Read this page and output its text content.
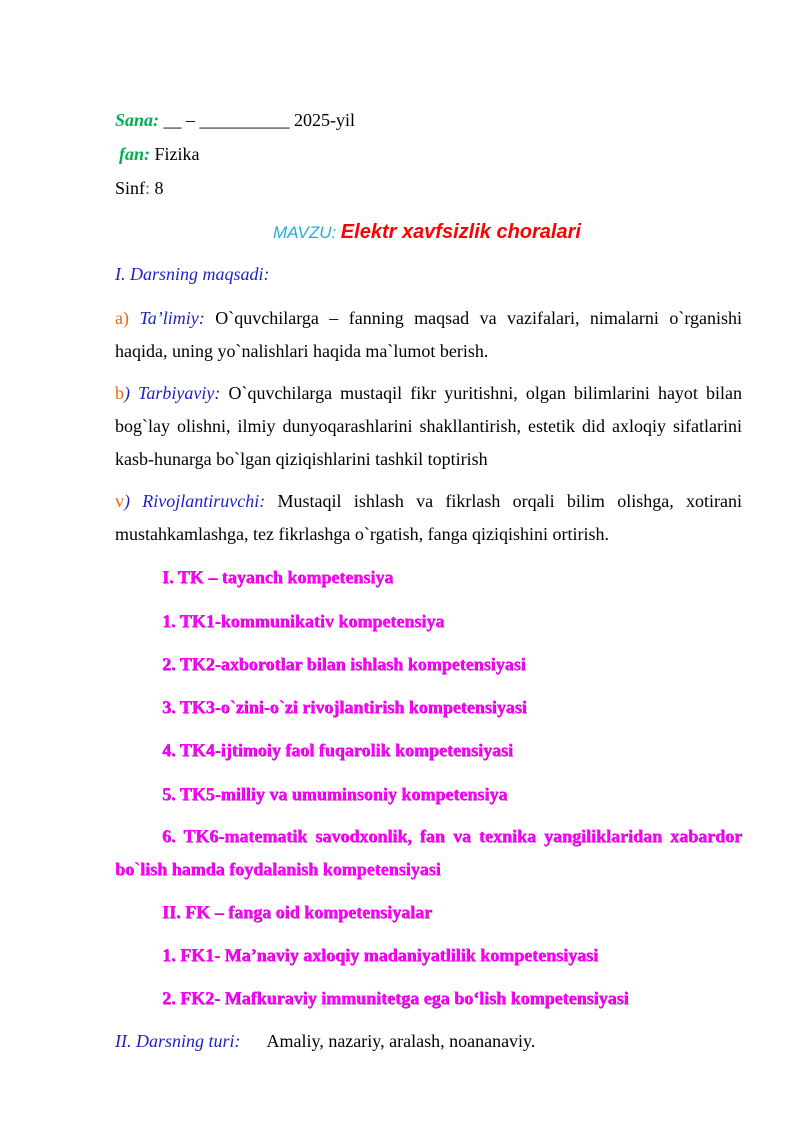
Sana: __ – __________ 2025-yil
fan: Fizika
Sinf: 8
MAVZU: Elektr xavfsizlik choralari
I. Darsning maqsadi:
a) Ta’limiy: O`quvchilarga – fanning maqsad va vazifalari, nimalarni o`rganishi haqida, uning yo`nalishlari haqida ma`lumot berish.
b) Tarbiyaviy: O`quvchilarga mustaqil fikr yuritishni, olgan bilimlarini hayot bilan bog`lay olishni, ilmiy dunyoqarashlarini shakllantirish, estetik did axloqiy sifatlarini kasb-hunarga bo`lgan qiziqishlarini tashkil toptirish
v) Rivojlantiruvchi: Mustaqil ishlash va fikrlash orqali bilim olishga, xotirani mustahkamlashga, tez fikrlashga o`rgatish, fanga qiziqishini ortirish.
I. TK – tayanch kompetensiya
1. TK1-kommunikativ kompetensiya
2. TK2-axborotlar bilan ishlash kompetensiyasi
3. TK3-o`zini-o`zi rivojlantirish kompetensiyasi
4. TK4-ijtimoiy faol fuqarolik kompetensiyasi
5. TK5-milliy va umuminsoniy kompetensiya
6. TK6-matematik savodxonlik, fan va texnika yangiliklaridan xabardor bo`lish hamda foydalanish kompetensiyasi
II. FK – fanga oid kompetensiyalar
1. FK1- Ma’naviy axloqiy madaniyatlilik kompetensiyasi
2. FK2- Mafkuraviy immunitetga ega bo‘lish kompetensiyasi
II. Darsning turi: Amaliy, nazariy, aralash, noananaviy.
